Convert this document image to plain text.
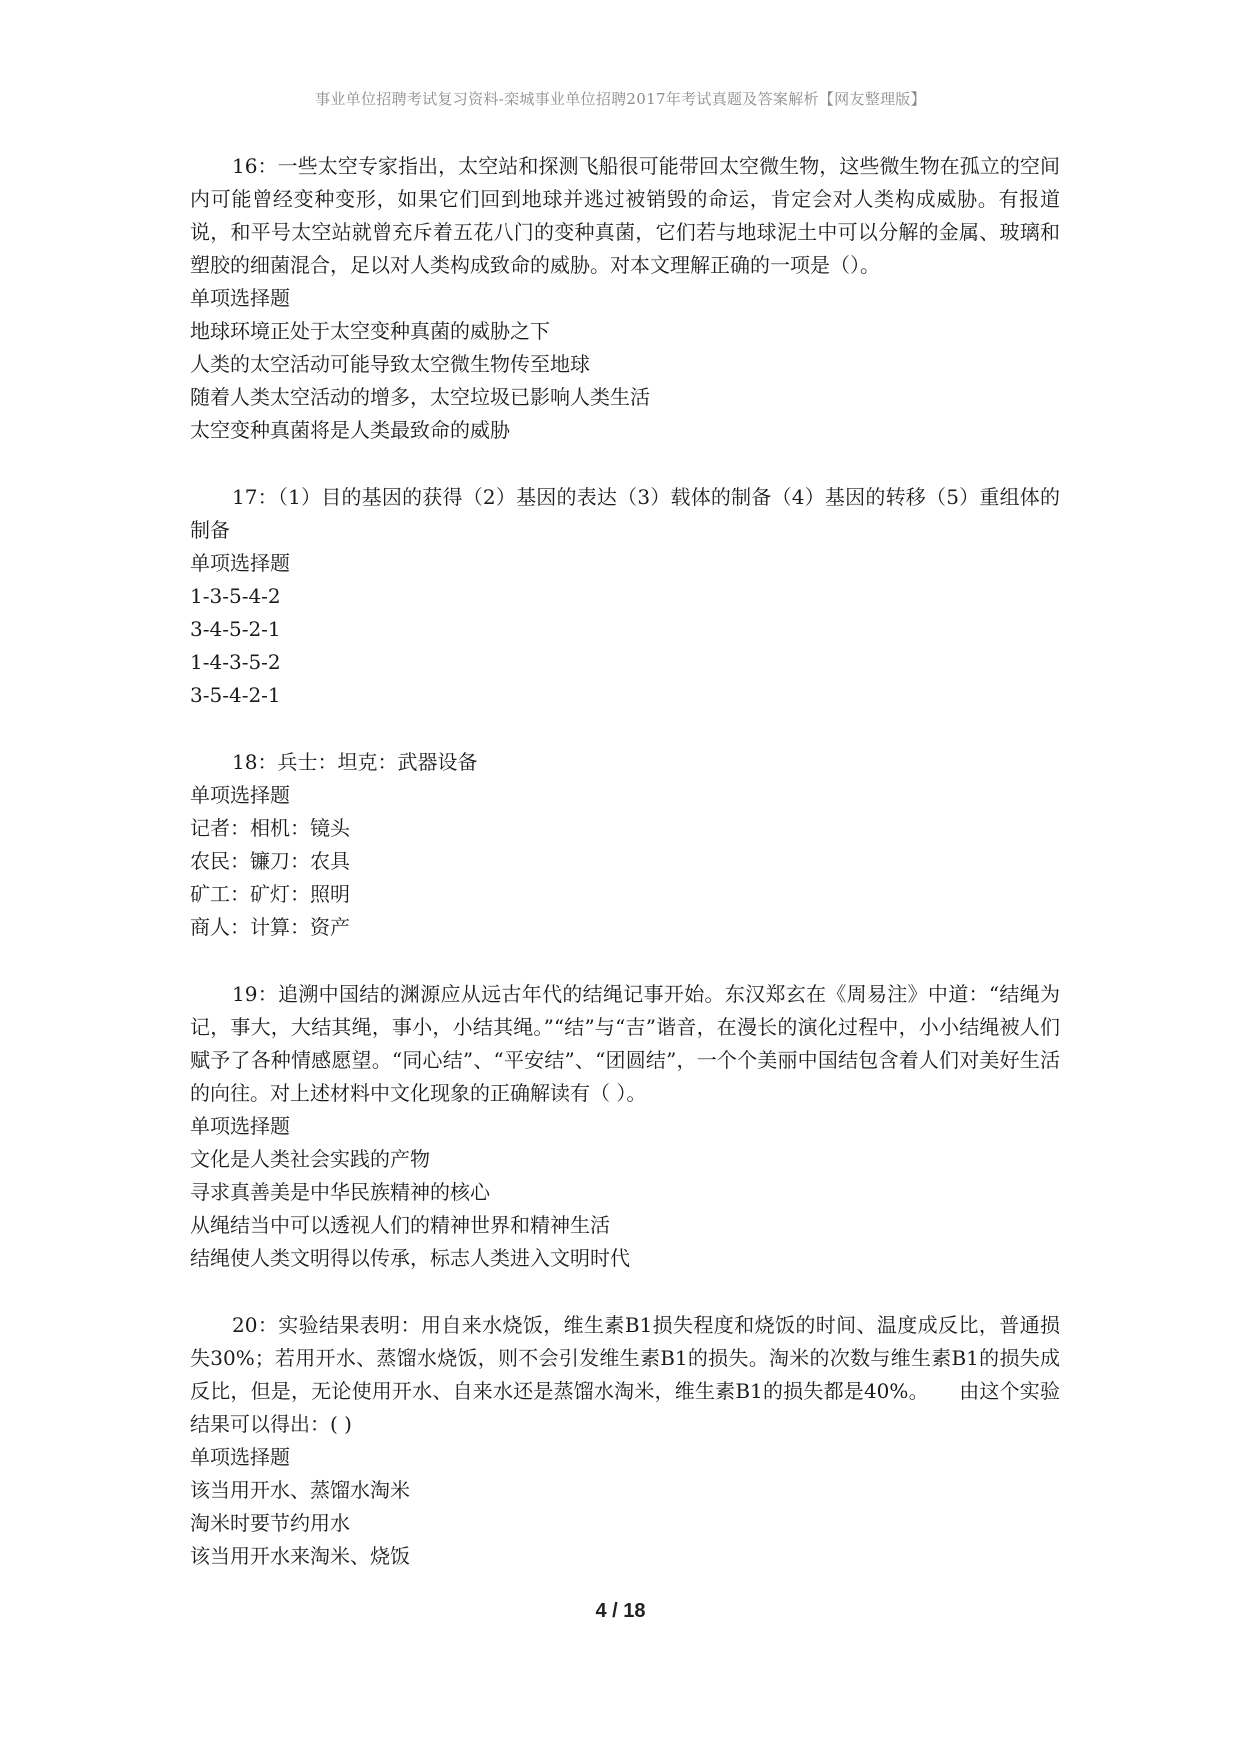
事业单位招聘考试复习资料-栾城事业单位招聘2017年考试真题及答案解析【网友整理版】

16：一些太空专家指出，太空站和探测飞船很可能带回太空微生物，这些微生物在孤立的空间内可能曾经变种变形，如果它们回到地球并逃过被销毁的命运，肯定会对人类构成威胁。有报道说，和平号太空站就曾充斥着五花八门的变种真菌，它们若与地球泥土中可以分解的金属、玻璃和塑胶的细菌混合，足以对人类构成致命的威胁。对本文理解正确的一项是（）。

单项选择题

地球环境正处于太空变种真菌的威胁之下

人类的太空活动可能导致太空微生物传至地球

随着人类太空活动的增多，太空垃圾已影响人类生活

太空变种真菌将是人类最致命的威胁

17：（1）目的基因的获得（2）基因的表达（3）载体的制备（4）基因的转移（5）重组体的制备

单项选择题

1-3-5-4-2

3-4-5-2-1

1-4-3-5-2

3-5-4-2-1

18：兵士：坦克：武器设备

单项选择题

记者：相机：镜头

农民：镰刀：农具

矿工：矿灯：照明

商人：计算：资产

19：追溯中国结的渊源应从远古年代的结绳记事开始。东汉郑玄在《周易注》中道：“结绳为记，事大，大结其绳，事小，小结其绳。”“结”与“吉”谐音，在漫长的演化过程中，小小结绳被人们赋予了各种情感愿望。“同心结”、“平安结”、“团圆结”，一个个美丽中国结包含着人们对美好生活的向往。对上述材料中文化现象的正确解读有（ ）。

单项选择题

文化是人类社会实践的产物

寻求真善美是中华民族精神的核心

从绳结当中可以透视人们的精神世界和精神生活

结绳使人类文明得以传承，标志人类进入文明时代

20：实验结果表明：用自来水烧饭，维生素B1损失程度和烧饭的时间、温度成反比，普通损失30%；若用开水、蒸馏水烧饭，则不会引发维生素B1的损失。淘米的次数与维生素B1的损失成反比，但是，无论使用开水、自来水还是蒸馏水淘米，维生素B1的损失都是40%。　　由这个实验结果可以得出：( )

单项选择题

该当用开水、蒸馏水淘米

淘米时要节约用水

该当用开水来淘米、烧饭

4 / 18
